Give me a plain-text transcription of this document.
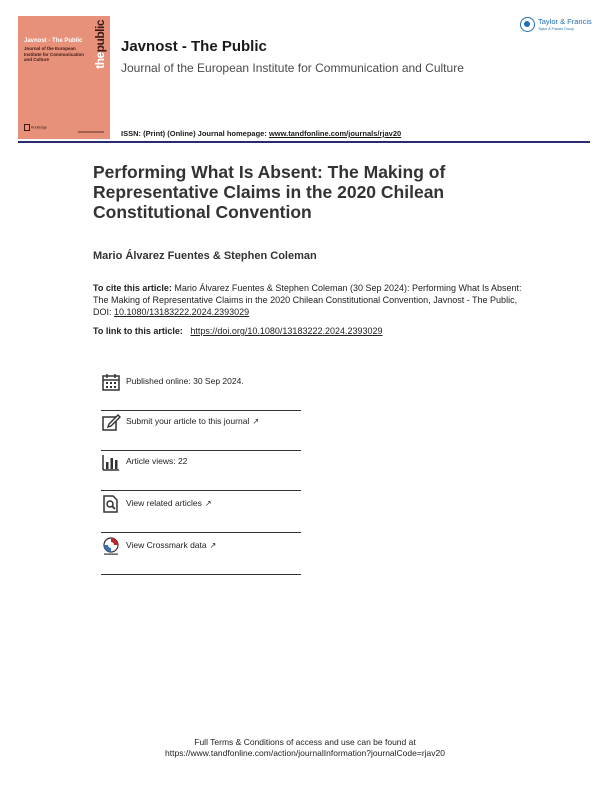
thepublic
Javnost - The Public
Journal of the European Institute for Communication and Culture
Routledge
Javnost - The Public
Journal of the European Institute for Communication and Culture
Taylor & Francis
Taylor & Francis Group
ISSN: (Print) (Online) Journal homepage: www.tandfonline.com/journals/rjav20
Performing What Is Absent: The Making of Representative Claims in the 2020 Chilean Constitutional Convention
Mario Álvarez Fuentes & Stephen Coleman
To cite this article: Mario Álvarez Fuentes & Stephen Coleman (30 Sep 2024): Performing What Is Absent: The Making of Representative Claims in the 2020 Chilean Constitutional Convention, Javnost - The Public, DOI: 10.1080/13183222.2024.2393029
To link to this article: https://doi.org/10.1080/13183222.2024.2393029
Published online: 30 Sep 2024.
Submit your article to this journal ↗
Article views: 22
View related articles ↗
View Crossmark data ↗
Full Terms & Conditions of access and use can be found at
https://www.tandfonline.com/action/journalInformation?journalCode=rjav20
